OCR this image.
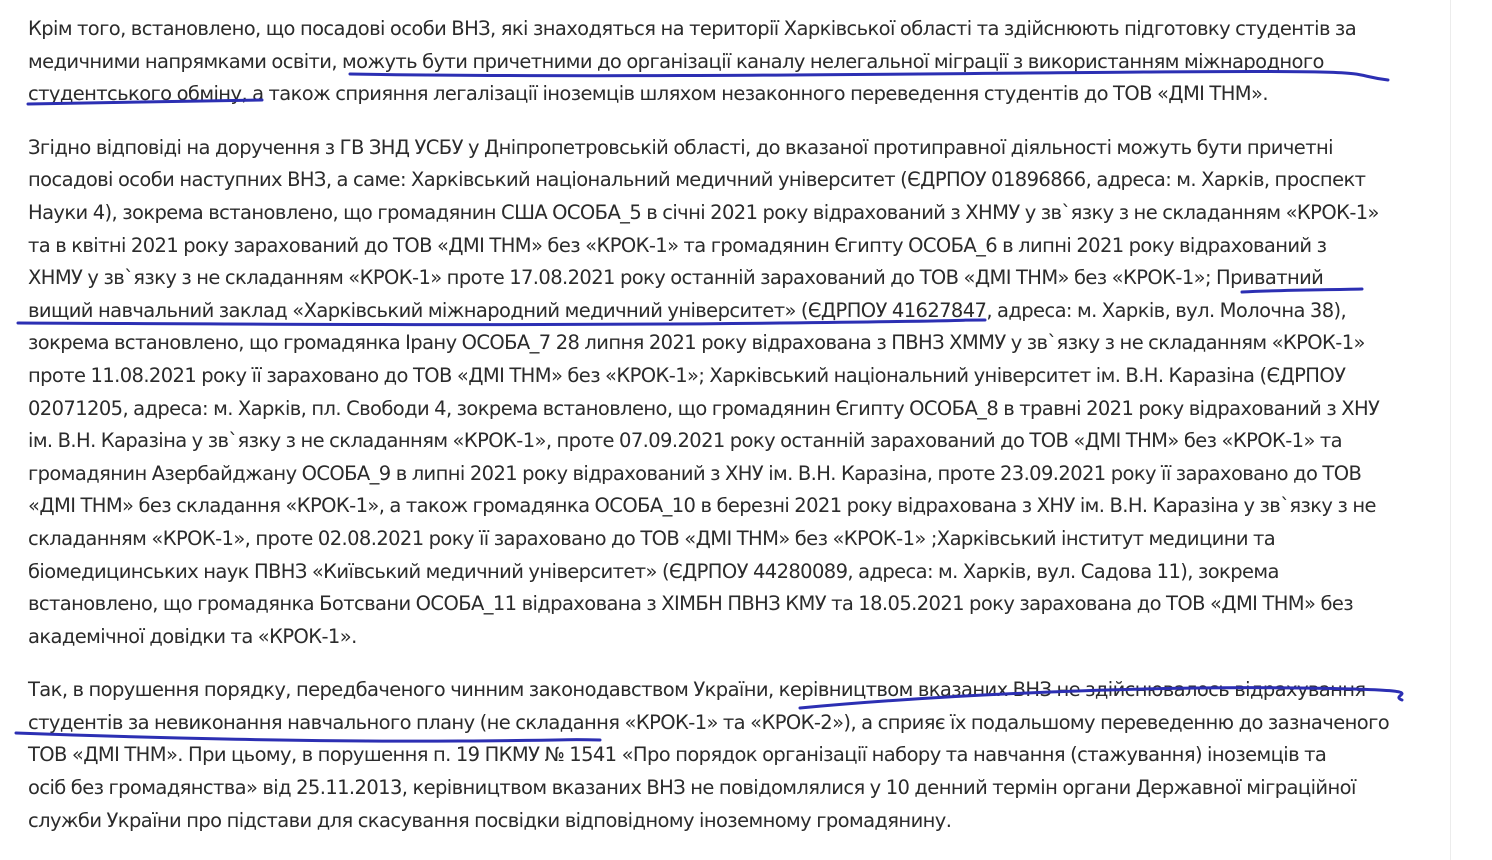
Крім того, встановлено, що посадові особи ВНЗ, які знаходяться на території Харківської області та здійснюють підготовку студентів за
медичними напрямками освіти, можуть бути причетними до організації каналу нелегальної міграції з використанням міжнародного
студентського обміну, а також сприяння легалізації іноземців шляхом незаконного переведення студентів до ТОВ «ДМІ ТНМ».

Згідно відповіді на доручення з ГВ ЗНД УСБУ у Дніпропетровській області, до вказаної протиправної діяльності можуть бути причетні
посадові особи наступних ВНЗ, а саме: Харківський національний медичний університет (ЄДРПОУ 01896866, адреса: м. Харків, проспект
Науки 4), зокрема встановлено, що громадянин США ОСОБА_5 в січні 2021 року відрахований з ХНМУ у зв`язку з не складанням «КРОК-1»
та в квітні 2021 року зарахований до ТОВ «ДМІ ТНМ» без «КРОК-1» та громадянин Єгипту ОСОБА_6 в липні 2021 року відрахований з
ХНМУ у зв`язку з не складанням «КРОК-1» проте 17.08.2021 року останній зарахований до ТОВ «ДМІ ТНМ» без «КРОК-1»; Приватний
вищий навчальний заклад «Харківський міжнародний медичний університет» (ЄДРПОУ 41627847, адреса: м. Харків, вул. Молочна 38),
зокрема встановлено, що громадянка Ірану ОСОБА_7 28 липня 2021 року відрахована з ПВНЗ ХММУ у зв`язку з не складанням «КРОК-1»
проте 11.08.2021 року її зараховано до ТОВ «ДМІ ТНМ» без «КРОК-1»; Харківський національний університет ім. В.Н. Каразіна (ЄДРПОУ
02071205, адреса: м. Харків, пл. Свободи 4, зокрема встановлено, що громадянин Єгипту ОСОБА_8 в травні 2021 року відрахований з ХНУ
ім. В.Н. Каразіна у зв`язку з не складанням «КРОК-1», проте 07.09.2021 року останній зарахований до ТОВ «ДМІ ТНМ» без «КРОК-1» та
громадянин Азербайджану ОСОБА_9 в липні 2021 року відрахований з ХНУ ім. В.Н. Каразіна, проте 23.09.2021 року її зараховано до ТОВ
«ДМІ ТНМ» без складання «КРОК-1», а також громадянка ОСОБА_10 в березні 2021 року відрахована з ХНУ ім. В.Н. Каразіна у зв`язку з не
складанням «КРОК-1», проте 02.08.2021 року її зараховано до ТОВ «ДМІ ТНМ» без «КРОК-1» ;Харківський інститут медицини та
біомедицинських наук ПВНЗ «Київський медичний університет» (ЄДРПОУ 44280089, адреса: м. Харків, вул. Садова 11), зокрема
встановлено, що громадянка Ботсвани ОСОБА_11 відрахована з ХІМБН ПВНЗ КМУ та 18.05.2021 року зарахована до ТОВ «ДМІ ТНМ» без
академічної довідки та «КРОК-1».

Так, в порушення порядку, передбаченого чинним законодавством України, керівництвом вказаних ВНЗ не здійснювалось відрахування
студентів за невиконання навчального плану (не складання «КРОК-1» та «КРОК-2»), а сприяє їх подальшому переведенню до зазначеного
ТОВ «ДМІ ТНМ». При цьому, в порушення п. 19 ПКМУ № 1541 «Про порядок організації набору та навчання (стажування) іноземців та
осіб без громадянства» від 25.11.2013, керівництвом вказаних ВНЗ не повідомлялися у 10 денний термін органи Державної міграційної
служби України про підстави для скасування посвідки відповідному іноземному громадянину.
